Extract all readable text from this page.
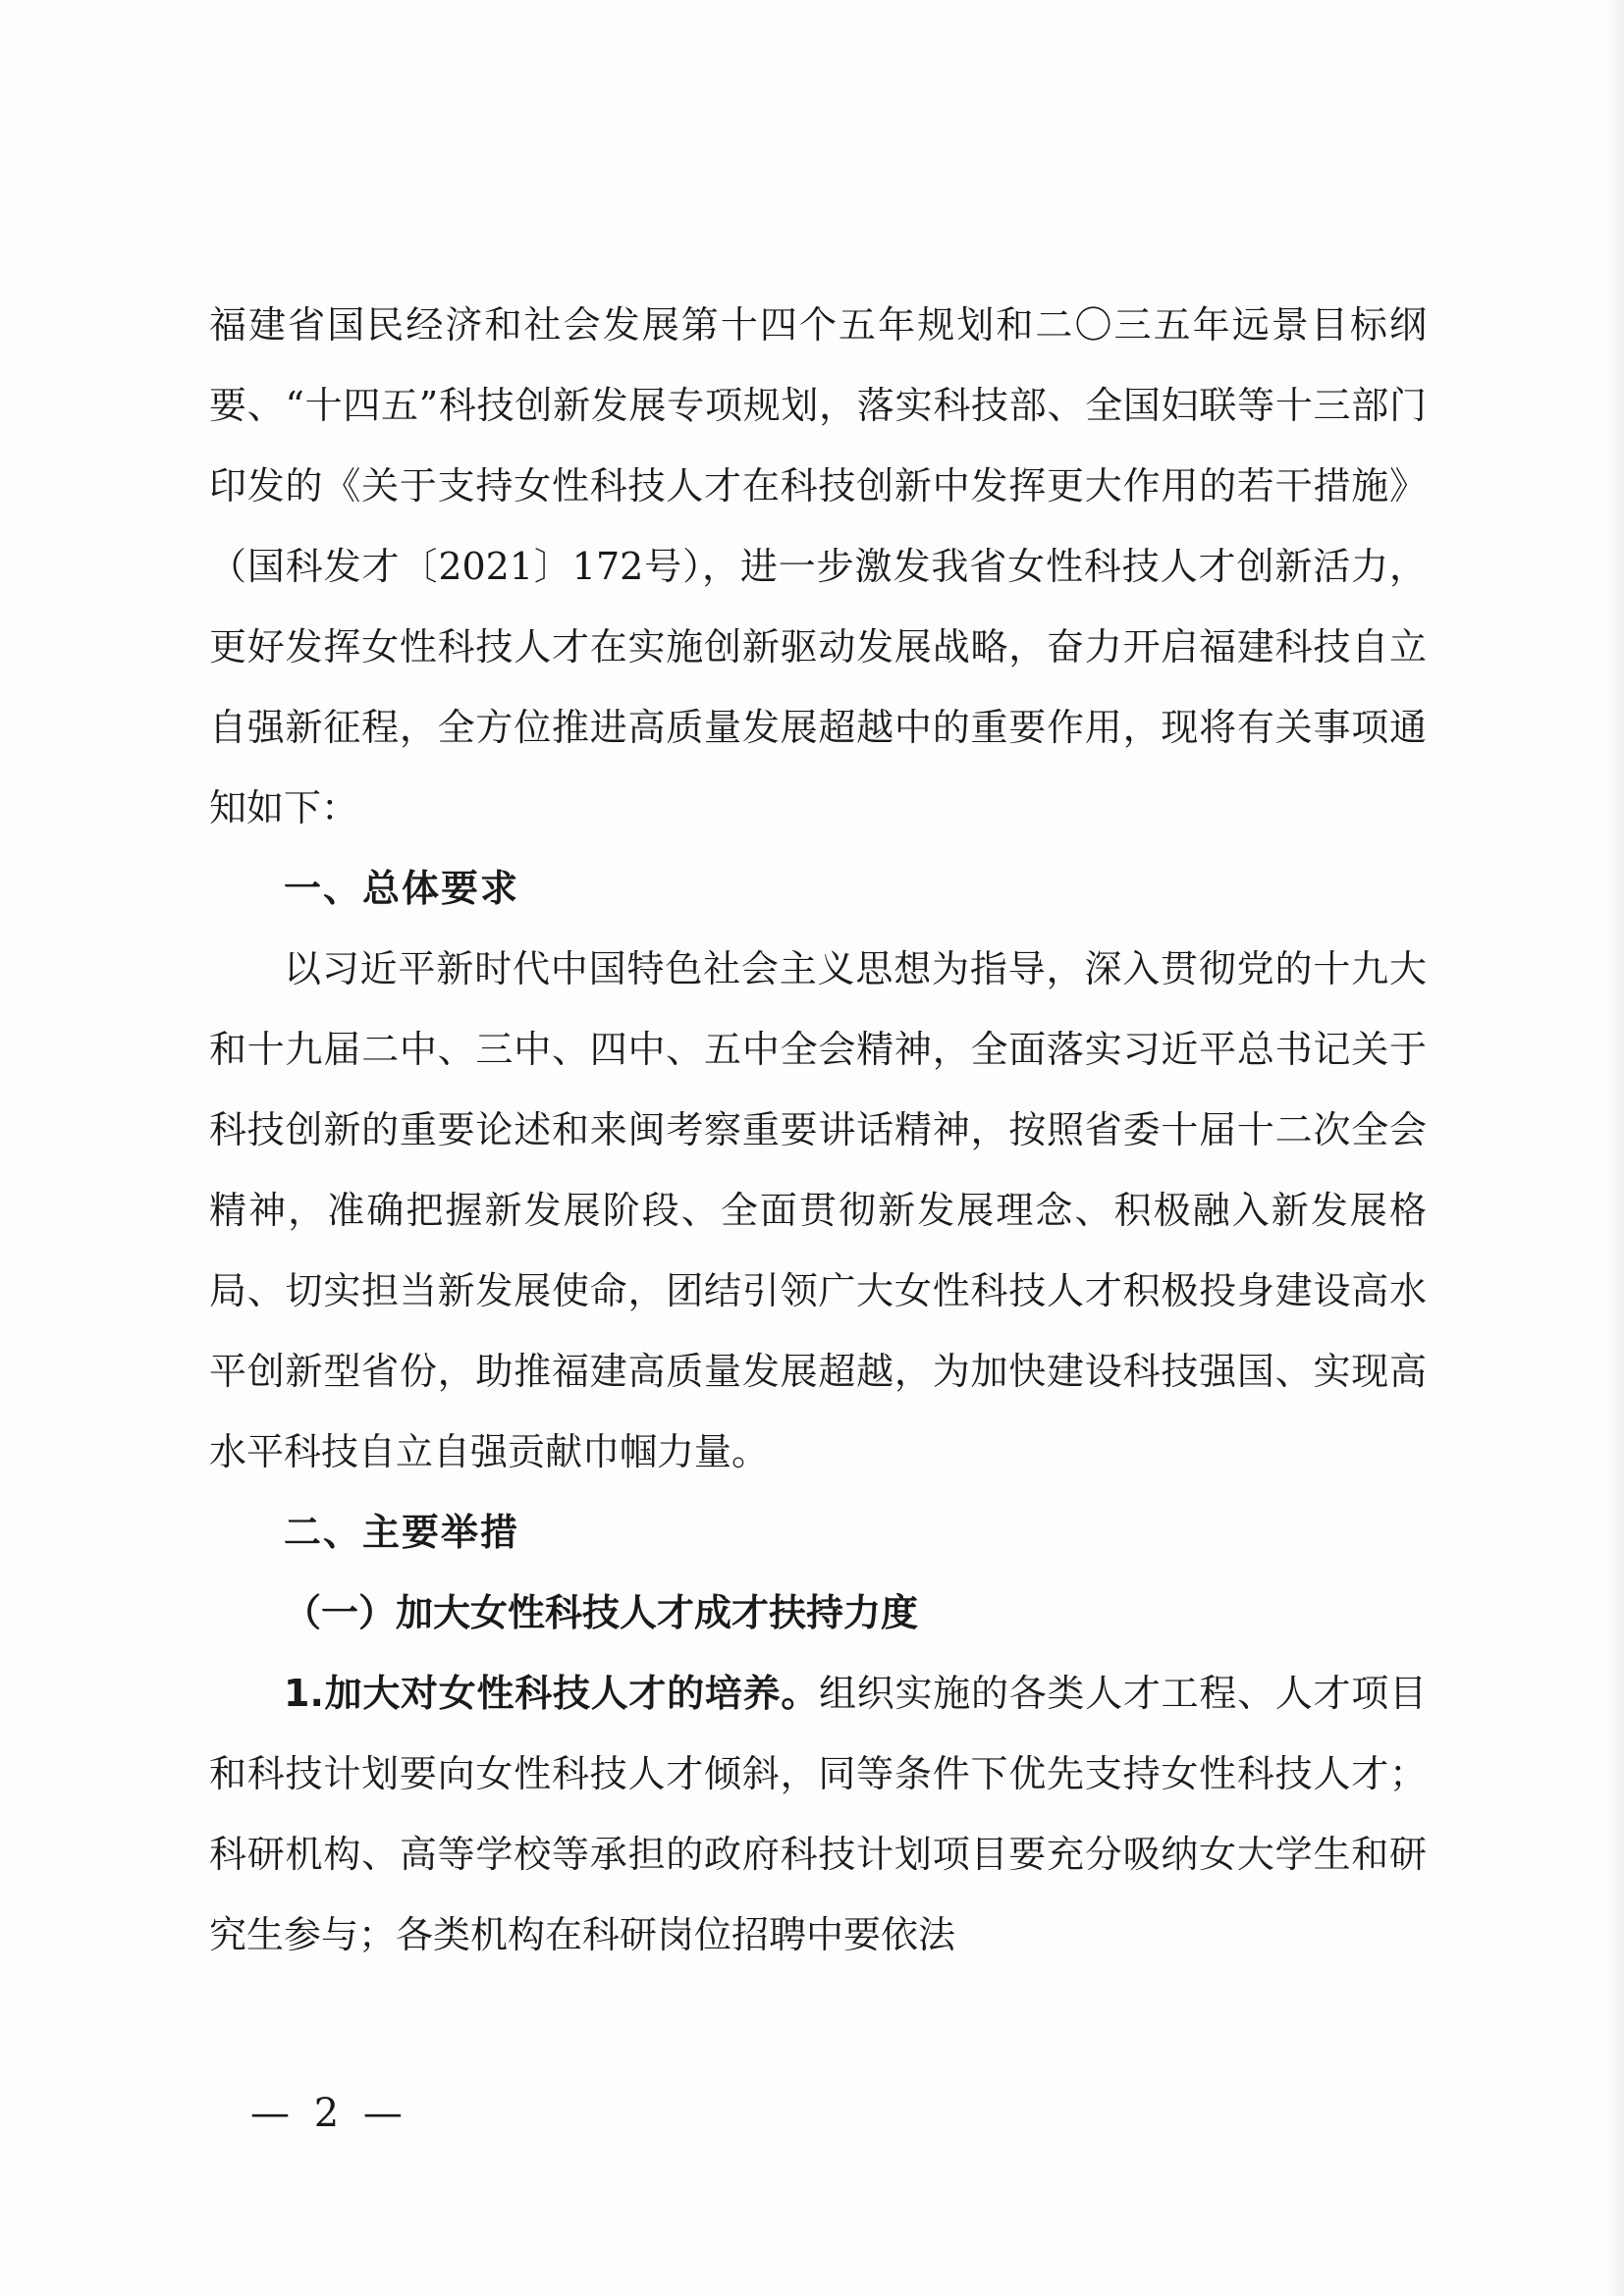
福建省国民经济和社会发展第十四个五年规划和二〇三五年远景目标纲要、“十四五”科技创新发展专项规划，落实科技部、全国妇联等十三部门印发的《关于支持女性科技人才在科技创新中发挥更大作用的若干措施》（国科发才〔2021〕172号），进一步激发我省女性科技人才创新活力，更好发挥女性科技人才在实施创新驱动发展战略，奋力开启福建科技自立自强新征程，全方位推进高质量发展超越中的重要作用，现将有关事项通知如下：

一、总体要求

以习近平新时代中国特色社会主义思想为指导，深入贯彻党的十九大和十九届二中、三中、四中、五中全会精神，全面落实习近平总书记关于科技创新的重要论述和来闽考察重要讲话精神，按照省委十届十二次全会精神，准确把握新发展阶段、全面贯彻新发展理念、积极融入新发展格局、切实担当新发展使命，团结引领广大女性科技人才积极投身建设高水平创新型省份，助推福建高质量发展超越，为加快建设科技强国、实现高水平科技自立自强贡献巾帼力量。

二、主要举措

（一）加大女性科技人才成才扶持力度

1.加大对女性科技人才的培养。组织实施的各类人才工程、人才项目和科技计划要向女性科技人才倾斜，同等条件下优先支持女性科技人才；科研机构、高等学校等承担的政府科技计划项目要充分吸纳女大学生和研究生参与；各类机构在科研岗位招聘中要依法

— 2 —
